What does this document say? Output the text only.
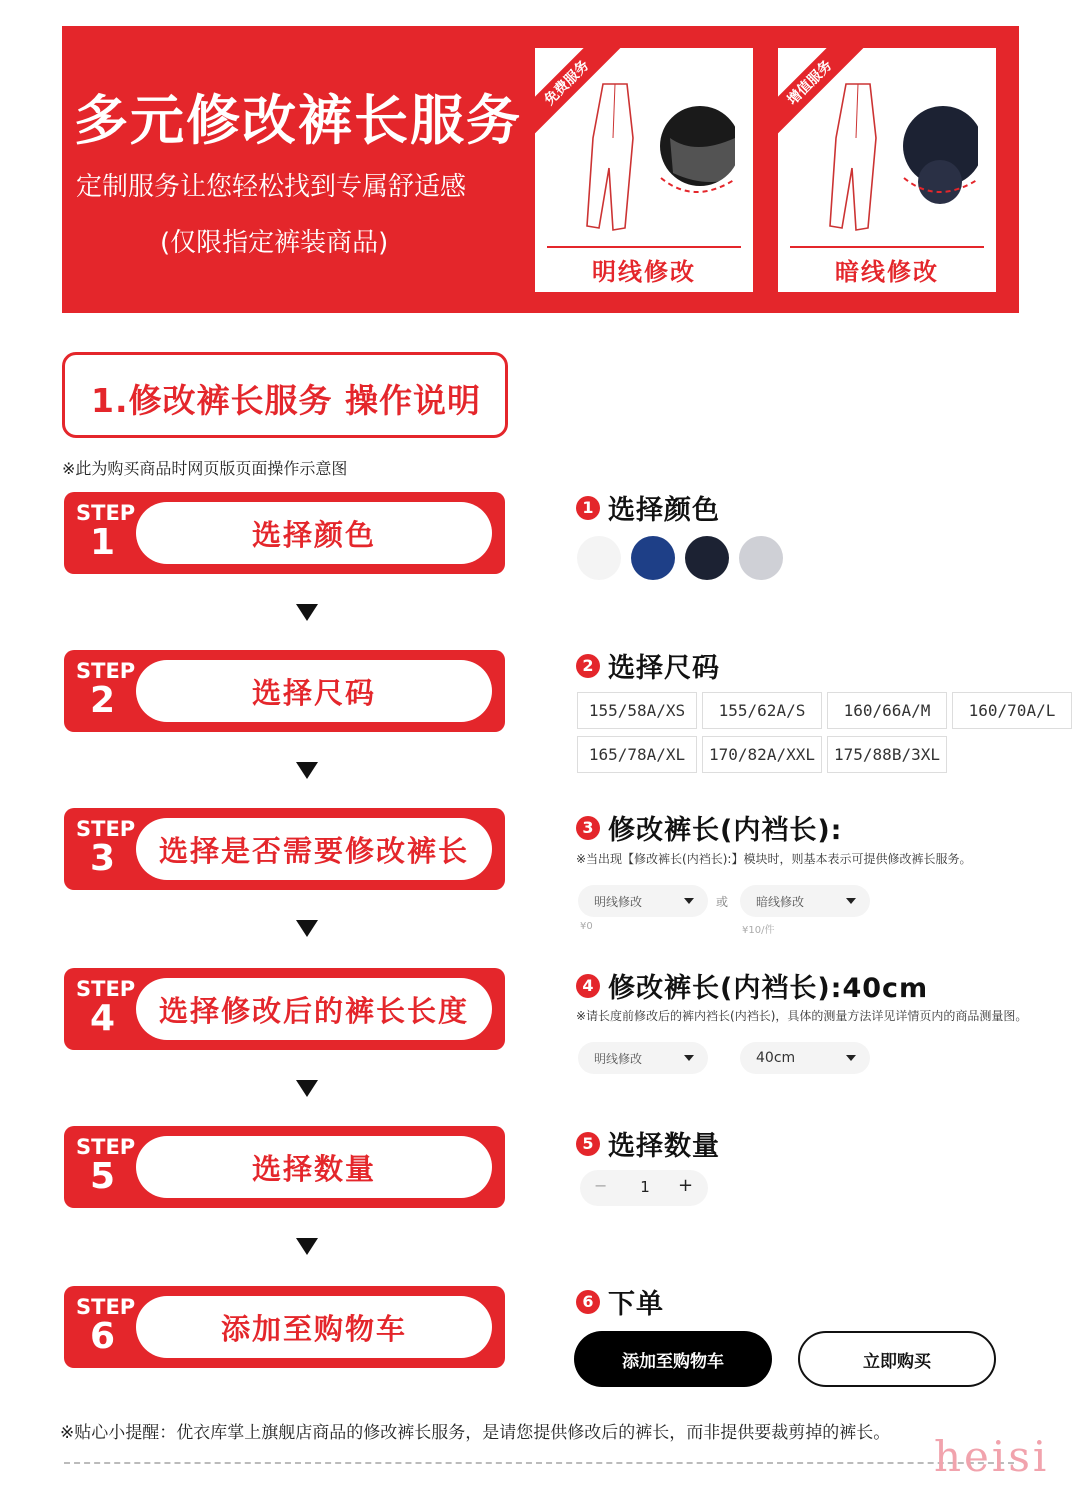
多元修改裤长服务
定制服务让您轻松找到专属舒适感
(仅限指定裤装商品)
免费服务
明线修改
增值服务
暗线修改
1.修改裤长服务 操作说明
※此为购买商品时网页版页面操作示意图
STEP
1	选择颜色
STEP
2	选择尺码
STEP
3	选择是否需要修改裤长
STEP
4	选择修改后的裤长长度
STEP
5	选择数量
STEP
6	添加至购物车
1 选择颜色
2 选择尺码
155/58A/XS	155/62A/S	160/66A/M	160/70A/L
165/78A/XL	170/82A/XXL	175/88B/3XL
3 修改裤长(内裆长):
※当出现【修改裤长(内裆长):】模块时，则基本表示可提供修改裤长服务。
明线修改	或 暗线修改
¥0	¥10/件
4 修改裤长(内裆长):40cm
※请长度前修改后的裤内裆长(内裆长)，具体的测量方法详见详情页内的商品测量图。
明线修改	40cm
5 选择数量
− 1 +
6 下单
添加至购物车	立即购买
※贴心小提醒：优衣库掌上旗舰店商品的修改裤长服务，是请您提供修改后的裤长，而非提供要裁剪掉的裤长。 heisi
